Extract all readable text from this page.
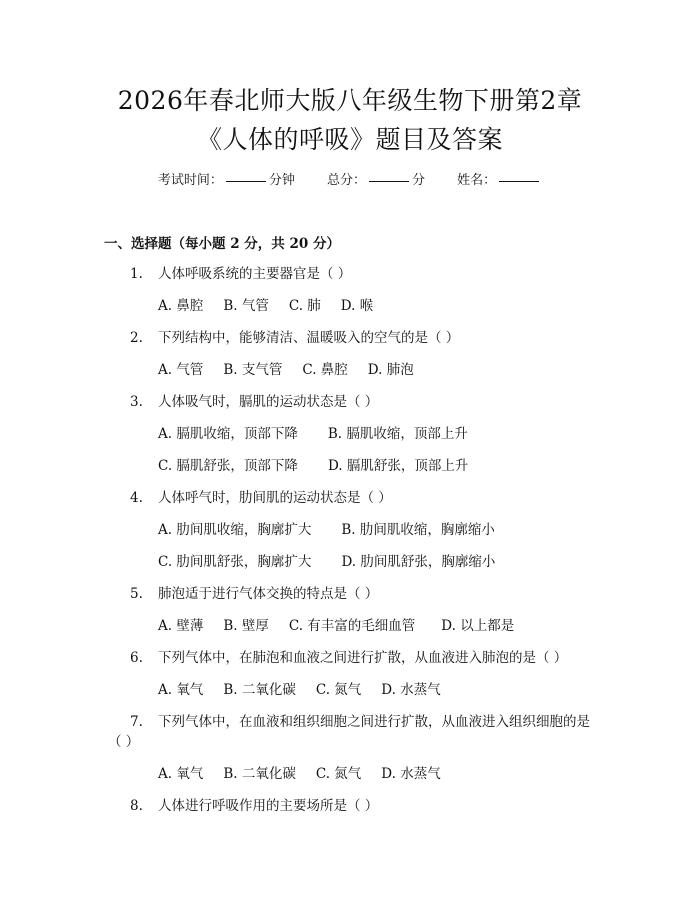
2026年春北师大版八年级生物下册第2章
《人体的呼吸》题目及答案
考试时间：	分钟 总分：	分 姓名：
一、选择题（每小题 2 分，共 20 分）
1. 人体呼吸系统的主要器官是（ ）
A. 鼻腔 B. 气管 C. 肺 D. 喉
2. 下列结构中，能够清洁、温暖吸入的空气的是（ ）
A. 气管 B. 支气管 C. 鼻腔 D. 肺泡
3. 人体吸气时，膈肌的运动状态是（ ）
A. 膈肌收缩，顶部下降 B. 膈肌收缩，顶部上升
C. 膈肌舒张，顶部下降 D. 膈肌舒张，顶部上升
4. 人体呼气时，肋间肌的运动状态是（ ）
A. 肋间肌收缩，胸廓扩大 B. 肋间肌收缩，胸廓缩小
C. 肋间肌舒张，胸廓扩大 D. 肋间肌舒张，胸廓缩小
5. 肺泡适于进行气体交换的特点是（ ）
A. 壁薄 B. 壁厚 C. 有丰富的毛细血管 D. 以上都是
6. 下列气体中，在肺泡和血液之间进行扩散，从血液进入肺泡的是（ ）
A. 氧气 B. 二氧化碳 C. 氮气 D. 水蒸气
7. 下列气体中，在血液和组织细胞之间进行扩散，从血液进入组织细胞的是
（ ）
A. 氧气 B. 二氧化碳 C. 氮气 D. 水蒸气
8. 人体进行呼吸作用的主要场所是（ ）
